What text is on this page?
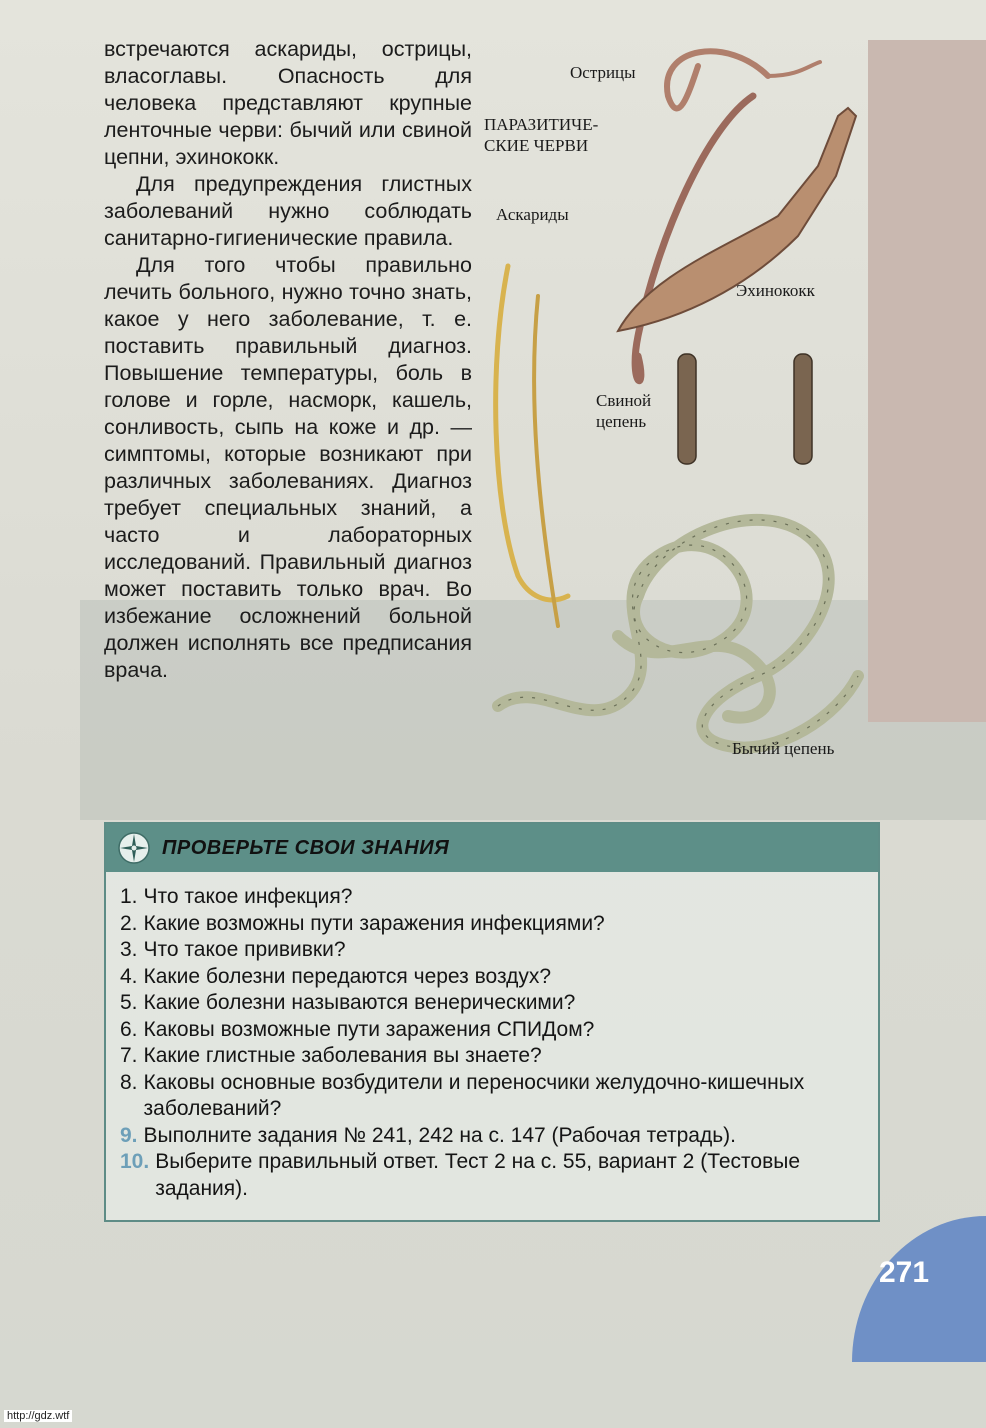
встречаются аскариды, острицы, власоглавы. Опасность для человека представляют крупные ленточные черви: бычий или свиной цепни, эхинококк.

Для предупреждения глистных заболеваний нужно соблюдать санитарно-гигиенические правила.

Для того чтобы правильно лечить больного, нужно точно знать, какое у него заболевание, т. е. поставить правильный диагноз. Повышение температуры, боль в голове и горле, насморк, кашель, сонливость, сыпь на коже и др. — симптомы, которые возникают при различных заболеваниях. Диагноз требует специальных знаний, а часто и лабораторных исследований. Правильный диагноз может поставить только врач. Во избежание осложнений больной должен исполнять все предписания врача.

Острицы
ПАРАЗИТИЧЕ-
СКИЕ ЧЕРВИ
Аскариды
Эхинококк
Свиной
цепень
Бычий цепень
ПРОВЕРЬТЕ СВОИ ЗНАНИЯ
1. Что такое инфекция?
2. Какие возможны пути заражения инфекциями?
3. Что такое прививки?
4. Какие болезни передаются через воздух?
5. Какие болезни называются венерическими?
6. Каковы возможные пути заражения СПИДом?
7. Какие глистные заболевания вы знаете?
8. Каковы основные возбудители и переносчики желудочно-кишечных заболеваний?
9. Выполните задания № 241, 242 на с. 147 (Рабочая тетрадь).
10. Выберите правильный ответ. Тест 2 на с. 55, вариант 2 (Тестовые задания).
271
http://gdz.wtf
